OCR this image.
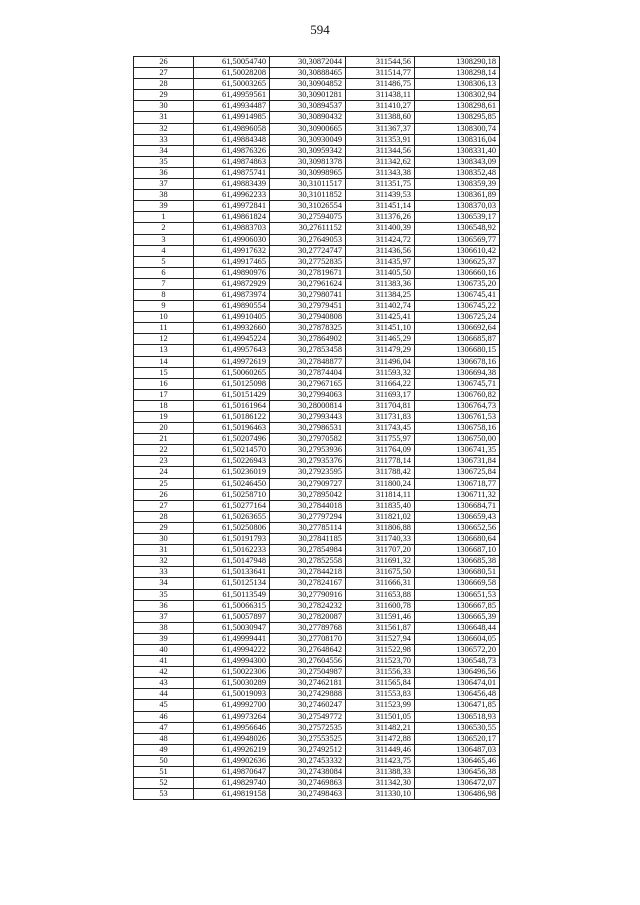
594
26	61,50054740	30,30872044	311544,56	1308290,18
27	61,50028208	30,30888465	311514,77	1308298,14
28	61,50003265	30,30904852	311486,75	1308306,13
29	61,49959561	30,30901281	311438,11	1308302,94
30	61,49934487	30,30894537	311410,27	1308298,61
31	61,49914985	30,30890432	311388,60	1308295,85
32	61,49896058	30,30900665	311367,37	1308300,74
33	61,49884348	30,30930049	311353,91	1308316,04
34	61,49876326	30,30959342	311344,56	1308331,40
35	61,49874863	30,30981378	311342,62	1308343,09
36	61,49875741	30,30998965	311343,38	1308352,48
37	61,49883439	30,31011517	311351,75	1308359,39
38	61,49962233	30,31011852	311439,53	1308361,89
39	61,49972841	30,31026554	311451,14	1308370,03
1	61,49861824	30,27594075	311376,26	1306539,17
2	61,49883703	30,27611152	311400,39	1306548,92
3	61,49906030	30,27649053	311424,72	1306569,77
4	61,49917632	30,27724747	311436,56	1306610,42
5	61,49917465	30,27752835	311435,97	1306625,37
6	61,49890976	30,27819671	311405,50	1306660,16
7	61,49872929	30,27961624	311383,36	1306735,20
8	61,49873974	30,27980741	311384,25	1306745,41
9	61,49890554	30,27979451	311402,74	1306745,22
10	61,49910405	30,27940808	311425,41	1306725,24
11	61,49932660	30,27878325	311451,10	1306692,64
12	61,49945224	30,27864902	311465,29	1306685,87
13	61,49957643	30,27853458	311479,29	1306680,15
14	61,49972619	30,27848877	311496,04	1306678,16
15	61,50060265	30,27874404	311593,32	1306694,38
16	61,50125098	30,27967165	311664,22	1306745,71
17	61,50151429	30,27994063	311693,17	1306760,82
18	61,50161964	30,28000814	311704,81	1306764,73
19	61,50186122	30,27993443	311731,83	1306761,53
20	61,50196463	30,27986531	311743,45	1306758,16
21	61,50207496	30,27970582	311755,97	1306750,00
22	61,50214570	30,27953936	311764,09	1306741,35
23	61,50226943	30,27935376	311778,14	1306731,84
24	61,50236019	30,27923595	311788,42	1306725,84
25	61,50246450	30,27909727	311800,24	1306718,77
26	61,50258710	30,27895042	311814,11	1306711,32
27	61,50277164	30,27844018	311835,40	1306684,71
28	61,50263655	30,27797294	311821,02	1306659,43
29	61,50250806	30,27785114	311806,88	1306652,56
30	61,50191793	30,27841185	311740,33	1306680,64
31	61,50162233	30,27854984	311707,20	1306687,10
32	61,50147948	30,27852558	311691,32	1306685,38
33	61,50133641	30,27844218	311675,50	1306680,51
34	61,50125134	30,27824167	311666,31	1306669,58
35	61,50113549	30,27790916	311653,88	1306651,53
36	61,50066315	30,27824232	311600,78	1306667,85
37	61,50057897	30,27820087	311591,46	1306665,39
38	61,50030947	30,27789768	311561,87	1306648,44
39	61,49999441	30,27708170	311527,94	1306604,05
40	61,49994222	30,27648642	311522,98	1306572,20
41	61,49994300	30,27604556	311523,70	1306548,73
42	61,50022306	30,27504987	311556,33	1306496,56
43	61,50030289	30,27462181	311565,84	1306474,01
44	61,50019093	30,27429888	311553,83	1306456,48
45	61,49992700	30,27460247	311523,99	1306471,85
46	61,49973264	30,27549772	311501,05	1306518,93
47	61,49956646	30,27572535	311482,21	1306530,55
48	61,49948026	30,27553525	311472,88	1306520,17
49	61,49926219	30,27492512	311449,46	1306487,03
50	61,49902636	30,27453332	311423,75	1306465,46
51	61,49870647	30,27438084	311388,33	1306456,38
52	61,49829740	30,27469863	311342,30	1306472,07
53	61,49819158	30,27498463	311330,10	1306486,98
